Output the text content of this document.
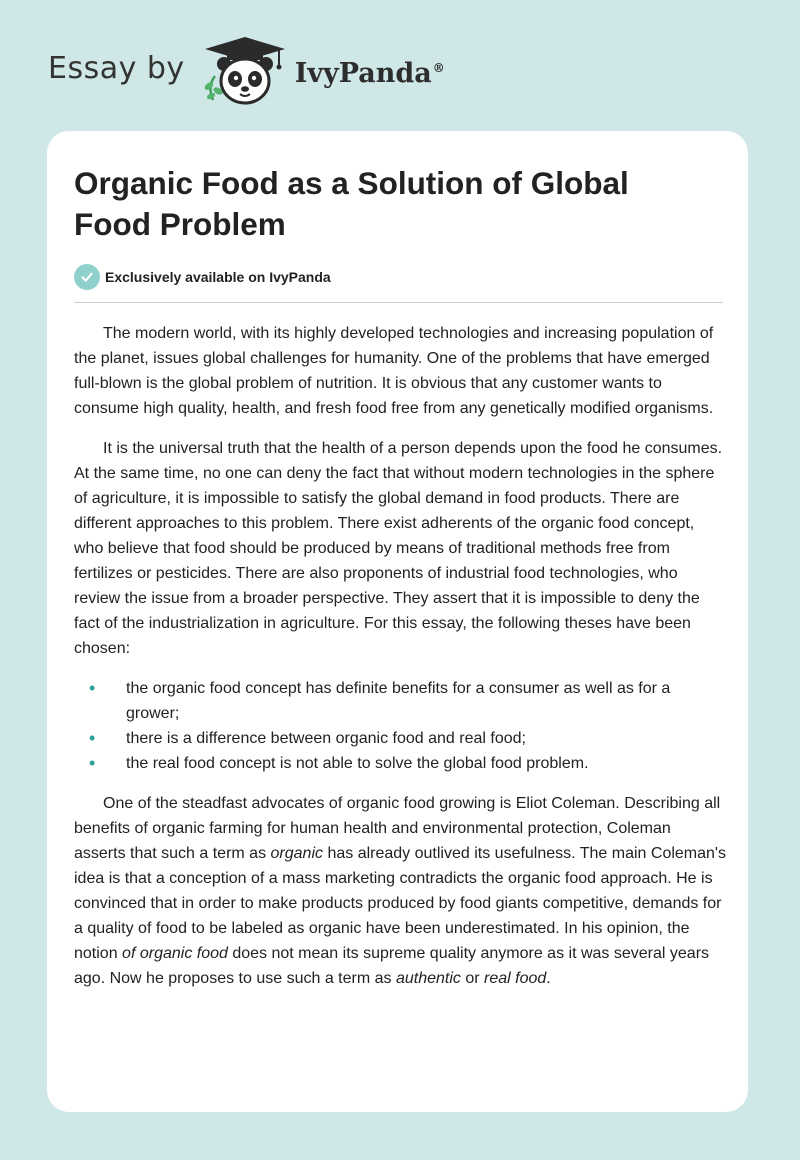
Essay by	IvyPanda®
Organic Food as a Solution of Global Food Problem
Exclusively available on IvyPanda

The modern world, with its highly developed technologies and increasing population of the planet, issues global challenges for humanity. One of the problems that have emerged full-blown is the global problem of nutrition. It is obvious that any customer wants to consume high quality, health, and fresh food free from any genetically modified organisms.

It is the universal truth that the health of a person depends upon the food he consumes. At the same time, no one can deny the fact that without modern technologies in the sphere of agriculture, it is impossible to satisfy the global demand in food products. There are different approaches to this problem. There exist adherents of the organic food concept, who believe that food should be produced by means of traditional methods free from fertilizes or pesticides. There are also proponents of industrial food technologies, who review the issue from a broader perspective. They assert that it is impossible to deny the fact of the industrialization in agriculture. For this essay, the following theses have been chosen:

• the organic food concept has definite benefits for a consumer as well as for a grower;
• there is a difference between organic food and real food;
• the real food concept is not able to solve the global food problem.

One of the steadfast advocates of organic food growing is Eliot Coleman. Describing all benefits of organic farming for human health and environmental protection, Coleman asserts that such a term as organic has already outlived its usefulness. The main Coleman's idea is that a conception of a mass marketing contradicts the organic food approach. He is convinced that in order to make products produced by food giants competitive, demands for a quality of food to be labeled as organic have been underestimated. In his opinion, the notion of organic food does not mean its supreme quality anymore as it was several years ago. Now he proposes to use such a term as authentic or real food.
